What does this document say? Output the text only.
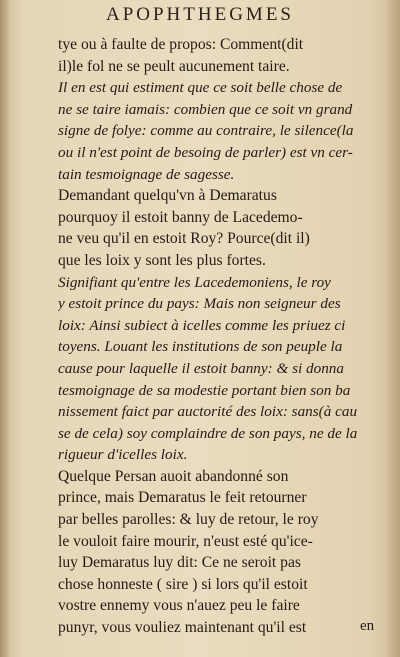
APOPHTHEGMES
tye ou à faulte de propos: Comment(dit
il)le fol ne se peult aucunement taire.
Il en est qui estiment que ce soit belle chose de
ne se taire iamais: combien que ce soit vn grand
signe de folye: comme au contraire, le silence(la
ou il n'est point de besoing de parler) est vn cer-
tain tesmoignage de sagesse.
Demandant quelqu'vn à Demaratus
pourquoy il estoit banny de Lacedemo-
ne veu qu'il en estoit Roy? Pource(dit il)
que les loix y sont les plus fortes.
Signifiant qu'entre les Lacedemoniens, le roy
y estoit prince du pays: Mais non seigneur des
loix: Ainsi subiect à icelles comme les priuez ci
toyens. Louant les institutions de son peuple la
cause pour laquelle il estoit banny: & si donna
tesmoignage de sa modestie portant bien son ba
nissement faict par auctorité des loix: sans(à cau
se de cela) soy complaindre de son pays, ne de la
rigueur d'icelles loix.
Quelque Persan auoit abandonné son
prince, mais Demaratus le feit retourner
par belles parolles: & luy de retour, le roy
le vouloit faire mourir, n'eust esté qu'ice-
luy Demaratus luy dit: Ce ne seroit pas
chose honneste ( sire ) si lors qu'il estoit
vostre ennemy vous n'auez peu le faire
punyr, vous vouliez maintenant qu'il est	en
